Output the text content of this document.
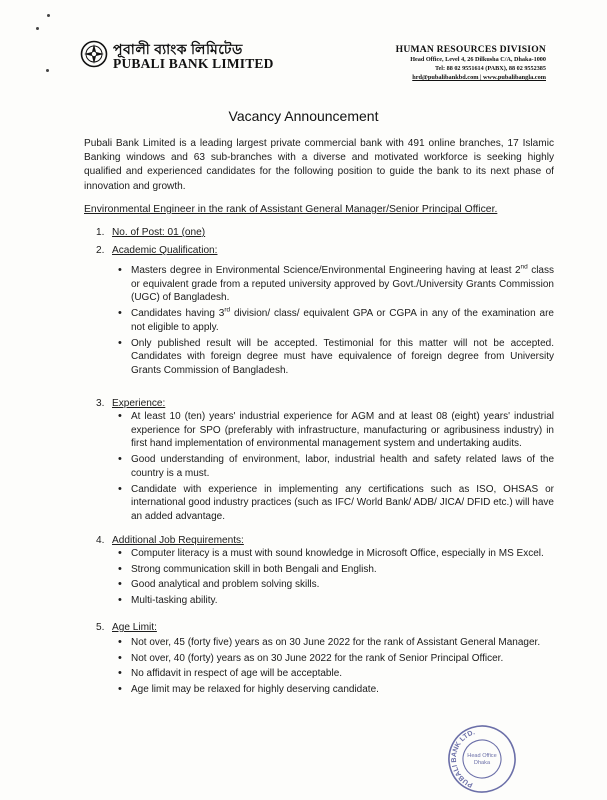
পূবালী ব্যাংক লিমিটেড
PUBALI BANK LIMITED
HUMAN RESOURCES DIVISION
Head Office, Level 4, 26 Dilkusha C/A, Dhaka-1000
Tel: 88 02 9551614 (PABX), 88 02 9552385
hrd@pubalibankbd.com | www.pubalibangla.com
Vacancy Announcement
Pubali Bank Limited is a leading largest private commercial bank with 491 online branches, 17 Islamic Banking windows and 63 sub-branches with a diverse and motivated workforce is seeking highly qualified and experienced candidates for the following position to guide the bank to its next phase of innovation and growth.
Environmental Engineer in the rank of Assistant General Manager/Senior Principal Officer.
1. No. of Post: 01 (one)
2. Academic Qualification:
• Masters degree in Environmental Science/Environmental Engineering having at least 2nd class or equivalent grade from a reputed university approved by Govt./University Grants Commission (UGC) of Bangladesh.
• Candidates having 3rd division/ class/ equivalent GPA or CGPA in any of the examination are not eligible to apply.
• Only published result will be accepted. Testimonial for this matter will not be accepted. Candidates with foreign degree must have equivalence of foreign degree from University Grants Commission of Bangladesh.
3. Experience:
• At least 10 (ten) years' industrial experience for AGM and at least 08 (eight) years' industrial experience for SPO (preferably with infrastructure, manufacturing or agribusiness industry) in first hand implementation of environmental management system and undertaking audits.
• Good understanding of environment, labor, industrial health and safety related laws of the country is a must.
• Candidate with experience in implementing any certifications such as ISO, OHSAS or international good industry practices (such as IFC/ World Bank/ ADB/ JICA/ DFID etc.) will have an added advantage.
4. Additional Job Requirements:
• Computer literacy is a must with sound knowledge in Microsoft Office, especially in MS Excel.
• Strong communication skill in both Bengali and English.
• Good analytical and problem solving skills.
• Multi-tasking ability.
5. Age Limit:
• Not over, 45 (forty five) years as on 30 June 2022 for the rank of Assistant General Manager.
• Not over, 40 (forty) years as on 30 June 2022 for the rank of Senior Principal Officer.
• No affidavit in respect of age will be acceptable.
• Age limit may be relaxed for highly deserving candidate.
PUBALI BANK LTD.
Head Office
Dhaka
